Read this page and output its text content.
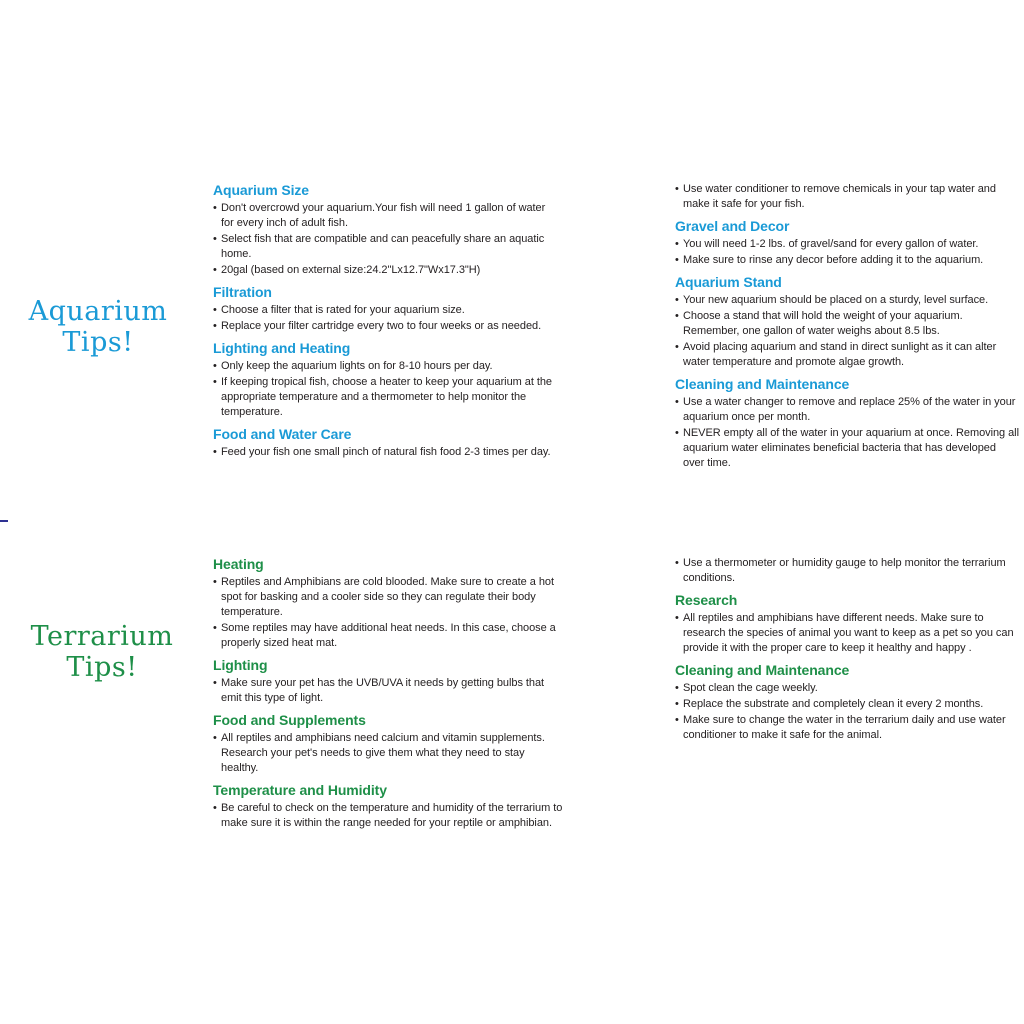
Aquarium
Tips!
Terrarium
Tips!
Aquarium Size
• Don't overcrowd your aquarium.Your fish will need 1 gallon of water for every inch of adult fish.
• Select fish that are compatible and can peacefully share an aquatic home.
• 20gal (based on external size:24.2"Lx12.7"Wx17.3"H)
Filtration
• Choose a filter that is rated for your aquarium size.
• Replace your filter cartridge every two to four weeks or as needed.
Lighting and Heating
• Only keep the aquarium lights on for 8-10 hours per day.
• If keeping tropical fish, choose a heater to keep your aquarium at the appropriate temperature and a thermometer to help monitor the temperature.
Food and Water Care
• Feed your fish one small pinch of natural fish food 2-3 times per day.
• Use water conditioner to remove chemicals in your tap water and make it safe for your fish.
Gravel and Decor
• You will need 1-2 lbs. of gravel/sand for every gallon of water.
• Make sure to rinse any decor before adding it to the aquarium.
Aquarium Stand
• Your new aquarium should be placed on a sturdy, level surface.
• Choose a stand that will hold the weight of your aquarium. Remember, one gallon of water weighs about 8.5 lbs.
• Avoid placing aquarium and stand in direct sunlight as it can alter water temperature and promote algae growth.
Cleaning and Maintenance
• Use a water changer to remove and replace 25% of the water in your aquarium once per month.
• NEVER empty all of the water in your aquarium at once. Removing all aquarium water eliminates beneficial bacteria that has developed over time.
Heating
• Reptiles and Amphibians are cold blooded. Make sure to create a hot spot for basking and a cooler side so they can regulate their body temperature.
• Some reptiles may have additional heat needs. In this case, choose a properly sized heat mat.
Lighting
• Make sure your pet has the UVB/UVA it needs by getting bulbs that emit this type of light.
Food and Supplements
• All reptiles and amphibians need calcium and vitamin supplements. Research your pet's needs to give them what they need to stay healthy.
Temperature and Humidity
• Be careful to check on the temperature and humidity of the terrarium to make sure it is within the range needed for your reptile or amphibian.
• Use a thermometer or humidity gauge to help monitor the terrarium conditions.
Research
• All reptiles and amphibians have different needs. Make sure to research the species of animal you want to keep as a pet so you can provide it with the proper care to keep it healthy and happy .
Cleaning and Maintenance
• Spot clean the cage weekly.
• Replace the substrate and completely clean it every 2 months.
• Make sure to change the water in the terrarium daily and use water conditioner to make it safe for the animal.
